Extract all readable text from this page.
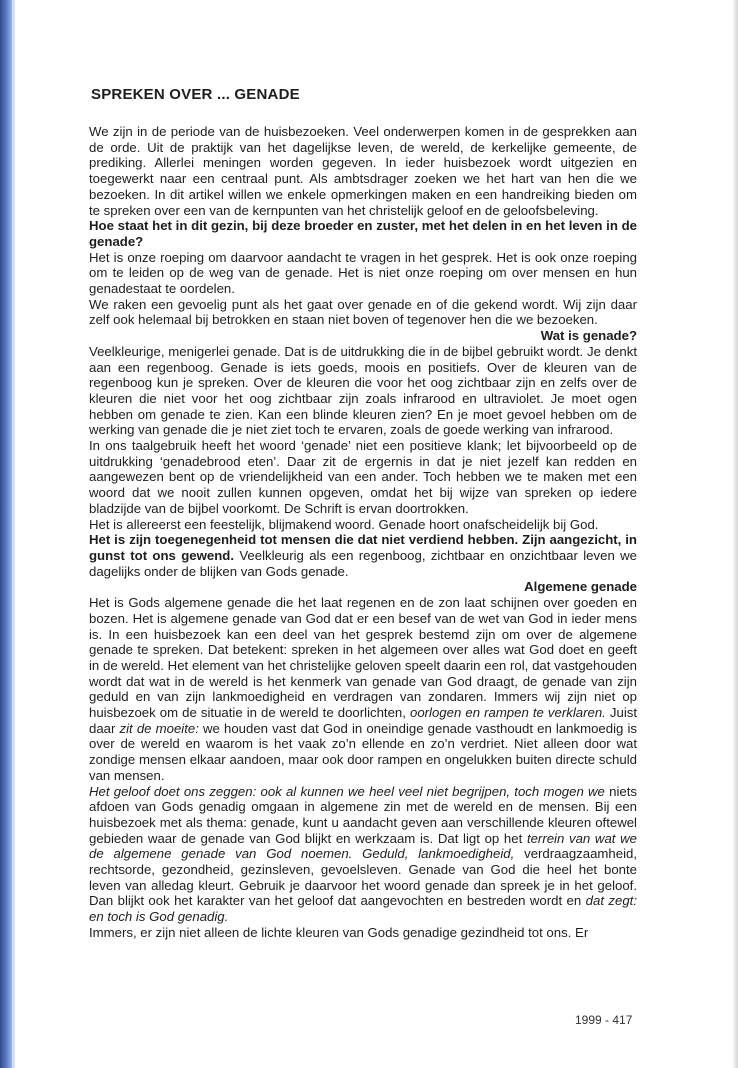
SPREKEN OVER ... GENADE

We zijn in de periode van de huisbezoeken. Veel onderwerpen komen in de gesprekken aan de orde. Uit de praktijk van het dagelijkse leven, de wereld, de kerkelijke gemeente, de prediking. Allerlei meningen worden gegeven. In ieder huisbezoek wordt uitgezien en toegewerkt naar een centraal punt. Als ambtsdrager zoeken we het hart van hen die we bezoeken. In dit artikel willen we enkele opmerkingen maken en een handreiking bieden om te spreken over een van de kernpunten van het christelijk geloof en de geloofsbeleving.

Hoe staat het in dit gezin, bij deze broeder en zuster, met het delen in en het leven in de genade?

Het is onze roeping om daarvoor aandacht te vragen in het gesprek. Het is ook onze roeping om te leiden op de weg van de genade. Het is niet onze roeping om over mensen en hun genadestaat te oordelen.

We raken een gevoelig punt als het gaat over genade en of die gekend wordt. Wij zijn daar zelf ook helemaal bij betrokken en staan niet boven of tegenover hen die we bezoeken.

Wat is genade?

Veelkleurige, menigerlei genade. Dat is de uitdrukking die in de bijbel gebruikt wordt. Je denkt aan een regenboog. Genade is iets goeds, moois en positiefs. Over de kleuren van de regenboog kun je spreken. Over de kleuren die voor het oog zichtbaar zijn en zelfs over de kleuren die niet voor het oog zichtbaar zijn zoals infrarood en ultraviolet. Je moet ogen hebben om genade te zien. Kan een blinde kleuren zien? En je moet gevoel hebben om de werking van genade die je niet ziet toch te ervaren, zoals de goede werking van infrarood.

In ons taalgebruik heeft het woord ‘genade’ niet een positieve klank; let bijvoorbeeld op de uitdrukking ‘genadebrood eten’. Daar zit de ergernis in dat je niet jezelf kan redden en aangewezen bent op de vriendelijkheid van een ander. Toch hebben we te maken met een woord dat we nooit zullen kunnen opgeven, omdat het bij wijze van spreken op iedere bladzijde van de bijbel voorkomt. De Schrift is ervan doortrokken.

Het is allereerst een feestelijk, blijmakend woord. Genade hoort onafscheidelijk bij God.

Het is zijn toegenegenheid tot mensen die dat niet verdiend hebben. Zijn aangezicht, in gunst tot ons gewend. Veelkleurig als een regenboog, zichtbaar en onzichtbaar leven we dagelijks onder de blijken van Gods genade.

Algemene genade

Het is Gods algemene genade die het laat regenen en de zon laat schijnen over goeden en bozen. Het is algemene genade van God dat er een besef van de wet van God in ieder mens is. In een huisbezoek kan een deel van het gesprek bestemd zijn om over de algemene genade te spreken. Dat betekent: spreken in het algemeen over alles wat God doet en geeft in de wereld. Het element van het christelijke geloven speelt daarin een rol, dat vastgehouden wordt dat wat in de wereld is het kenmerk van genade van God draagt, de genade van zijn geduld en van zijn lankmoedigheid en verdragen van zondaren. Immers wij zijn niet op huisbezoek om de situatie in de wereld te doorlichten, oorlogen en rampen te verklaren. Juist daar zit de moeite: we houden vast dat God in oneindige genade vasthoudt en lankmoedig is over de wereld en waarom is het vaak zo’n ellende en zo’n verdriet. Niet alleen door wat zondige mensen elkaar aandoen, maar ook door rampen en ongelukken buiten directe schuld van mensen.

Het geloof doet ons zeggen: ook al kunnen we heel veel niet begrijpen, toch mogen we niets afdoen van Gods genadig omgaan in algemene zin met de wereld en de mensen. Bij een huisbezoek met als thema: genade, kunt u aandacht geven aan verschillende kleuren oftewel gebieden waar de genade van God blijkt en werkzaam is. Dat ligt op het terrein van wat we de algemene genade van God noemen. Geduld, lankmoedigheid, verdraagzaamheid, rechtsorde, gezondheid, gezinsleven, gevoelsleven. Genade van God die heel het bonte leven van alledag kleurt. Gebruik je daarvoor het woord genade dan spreek je in het geloof. Dan blijkt ook het karakter van het geloof dat aangevochten en bestreden wordt en dat zegt: en toch is God genadig.

Immers, er zijn niet alleen de lichte kleuren van Gods genadige gezindheid tot ons. Er

1999 - 417
